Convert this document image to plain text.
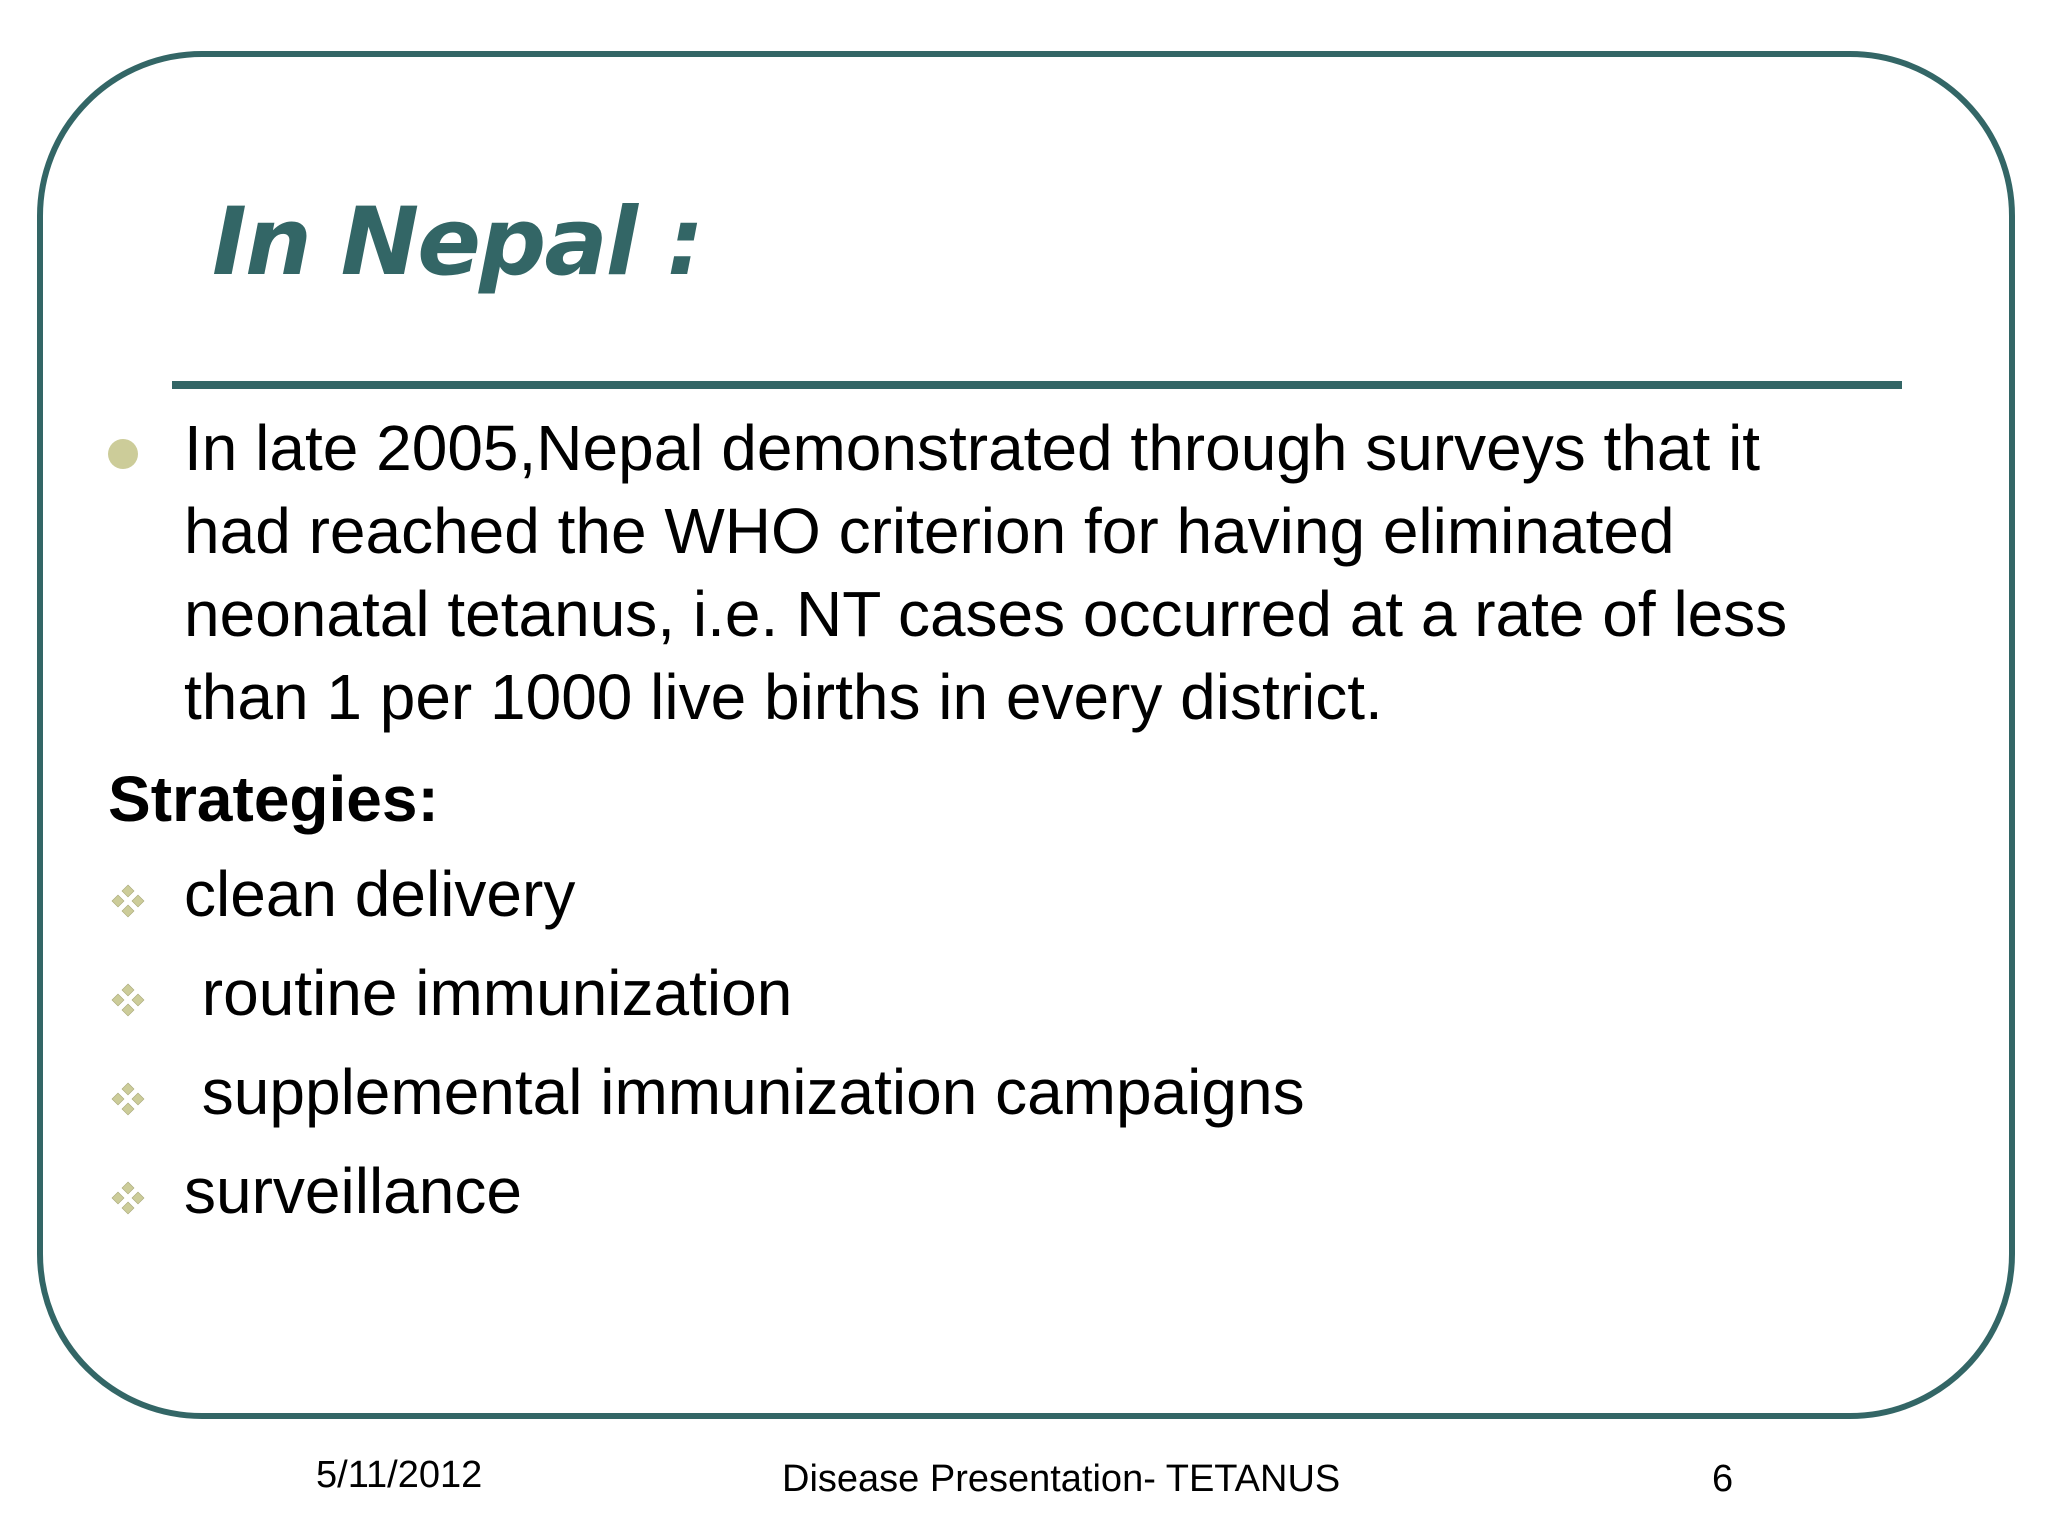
In Nepal :
In late 2005,Nepal demonstrated through surveys that it
had reached the WHO criterion for having eliminated
neonatal tetanus, i.e. NT cases occurred at a rate of less
than 1 per 1000 live births in every district.
Strategies:
clean delivery
routine immunization
supplemental immunization campaigns
surveillance
5/11/2012	Disease Presentation- TETANUS	6
